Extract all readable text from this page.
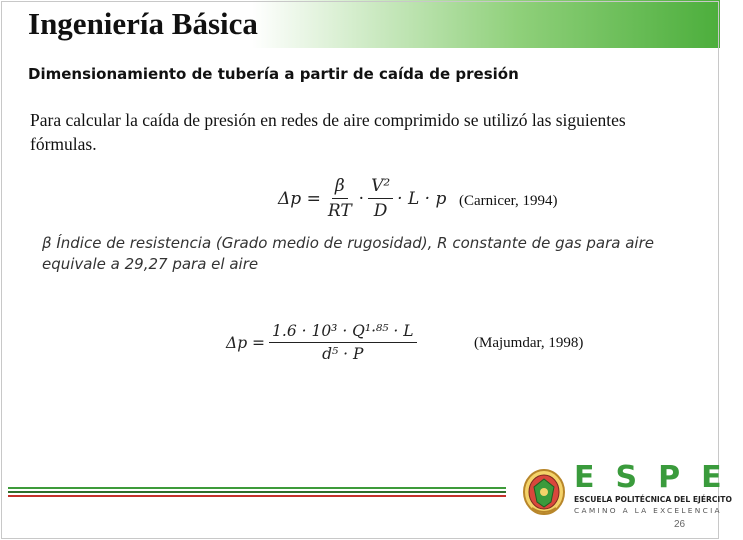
Ingeniería Básica
Dimensionamiento de tubería a partir de caída de presión
Para calcular la caída de presión en redes de aire comprimido se utilizó las siguientes fórmulas.
$\Delta p = \frac{\beta}{RT} \cdot \frac{\text{V²}}{D} \cdot L \cdot p$ (Carnicer, 1994)
β Índice de resistencia (Grado medio de rugosidad), R constante de gas para aire equivale a 29,27 para el aire
$\Delta p = \frac{\text{1.6 · 10³ · Q¹·⁸⁵ · L}}{\text{d⁵ · P}}$	(Majumdar, 1998)
ESPE
ESCUELA POLITÉCNICA DEL EJÉRCITO
CAMINO A LA EXCELENCIA
26
